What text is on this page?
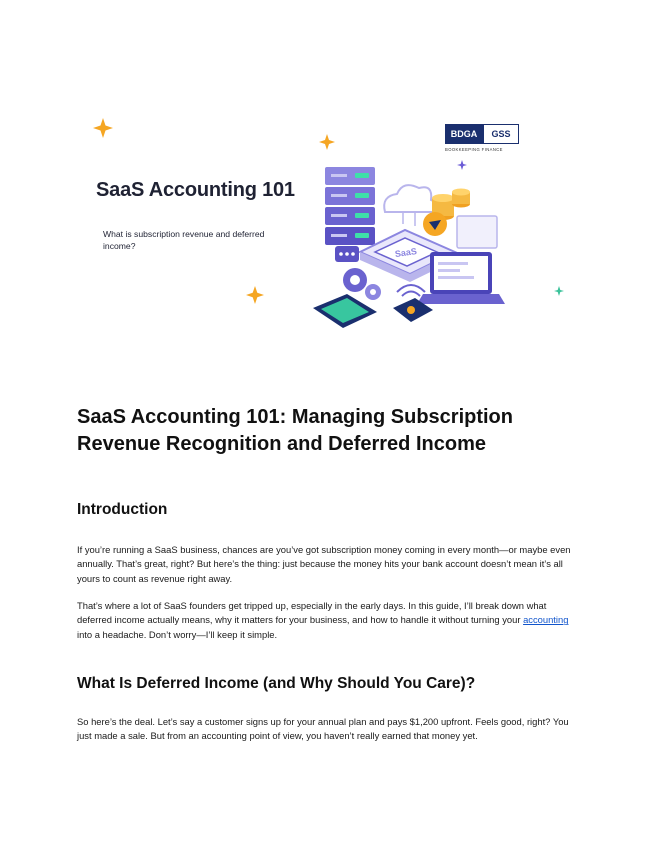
SaaS
SaaS Accounting 101

What is subscription revenue and deferred income?

BDGA	GSS
BOOKKEEPING FINANCE
SaaS Accounting 101: Managing Subscription Revenue Recognition and Deferred Income
Introduction

If you’re running a SaaS business, chances are you’ve got subscription money coming in every month—or maybe even annually. That’s great, right? But here’s the thing: just because the money hits your bank account doesn’t mean it’s all yours to count as revenue right away.

That’s where a lot of SaaS founders get tripped up, especially in the early days. In this guide, I’ll break down what deferred income actually means, why it matters for your business, and how to handle it without turning your accounting into a headache. Don’t worry—I’ll keep it simple.

What Is Deferred Income (and Why Should You Care)?

So here’s the deal. Let’s say a customer signs up for your annual plan and pays $1,200 upfront. Feels good, right? You just made a sale. But from an accounting point of view, you haven’t really earned that money yet.
